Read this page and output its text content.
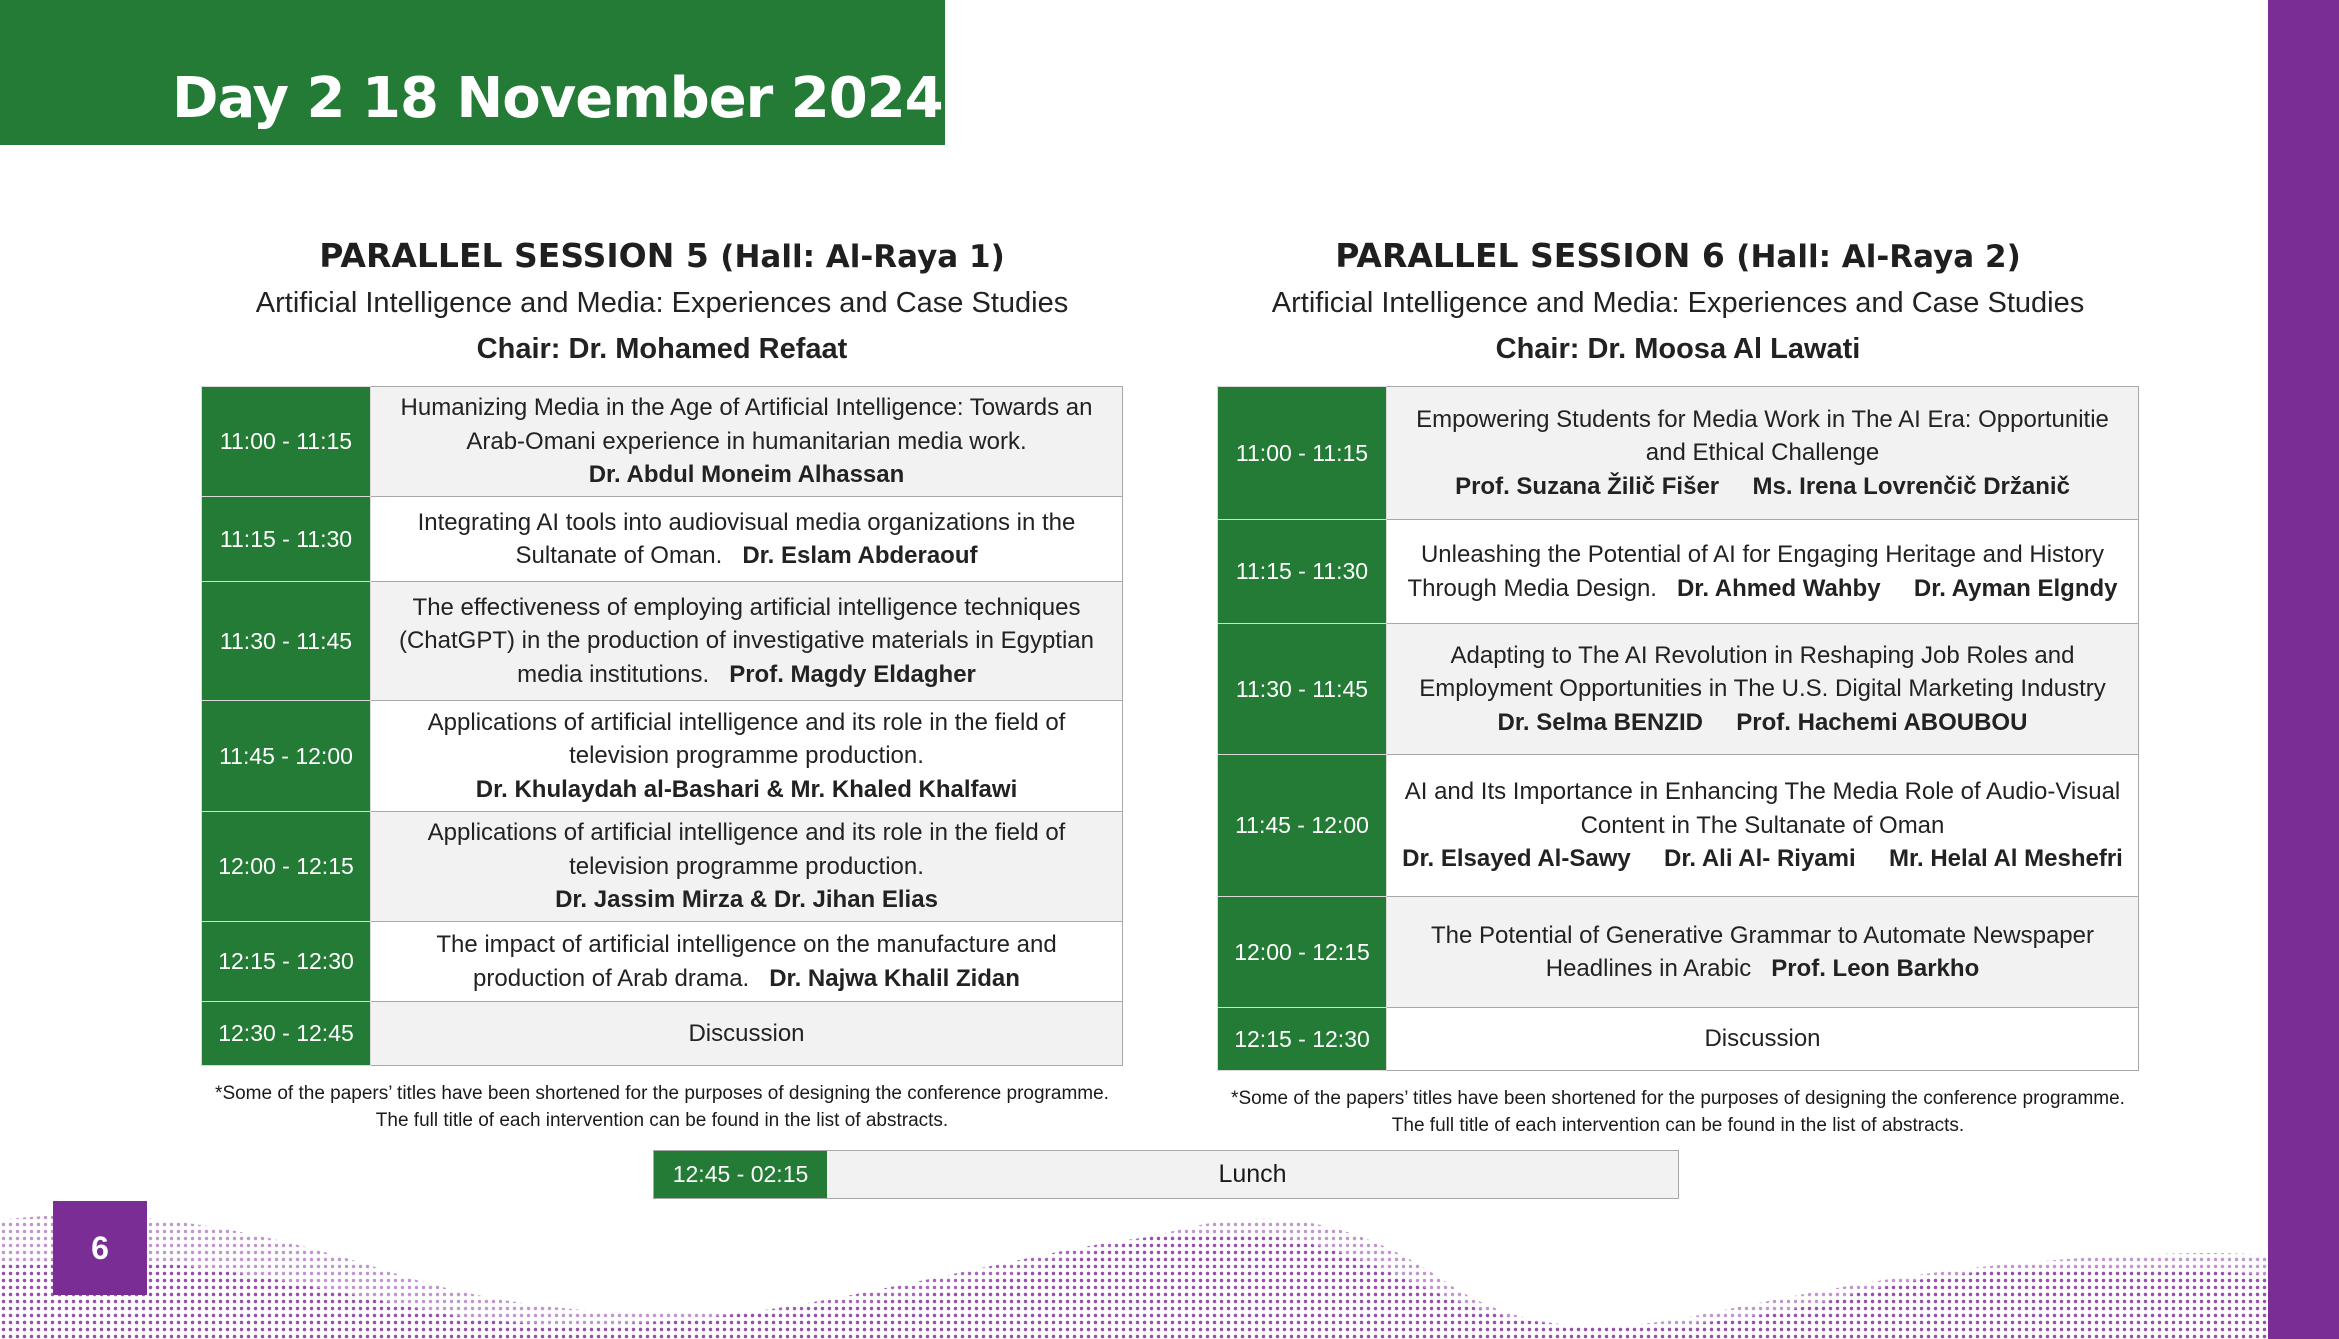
Day 2 18 November 2024
PARALLEL SESSION 5 (Hall: Al-Raya 1)
Artificial Intelligence and Media: Experiences and Case Studies
Chair: Dr. Mohamed Refaat
11:00 - 11:15	Humanizing Media in the Age of Artificial Intelligence: Towards an Arab-Omani experience in humanitarian media work.
Dr. Abdul Moneim Alhassan

11:15 - 11:30	Integrating AI tools into audiovisual media organizations in the Sultanate of Oman. Dr. Eslam Abderaouf
11:30 - 11:45	The effectiveness of employing artificial intelligence techniques (ChatGPT) in the production of investigative materials in Egyptian media institutions. Prof. Magdy Eldagher
11:45 - 12:00	Applications of artificial intelligence and its role in the field of television programme production.
Dr. Khulaydah al-Bashari & Mr. Khaled Khalfawi

12:00 - 12:15	Applications of artificial intelligence and its role in the field of television programme production.
Dr. Jassim Mirza & Dr. Jihan Elias

12:15 - 12:30	The impact of artificial intelligence on the manufacture and production of Arab drama. Dr. Najwa Khalil Zidan
12:30 - 12:45	Discussion
*Some of the papers’ titles have been shortened for the purposes of designing the conference programme.
The full title of each intervention can be found in the list of abstracts.
PARALLEL SESSION 6 (Hall: Al-Raya 2)
Artificial Intelligence and Media: Experiences and Case Studies
Chair: Dr. Moosa Al Lawati
11:00 - 11:15	Empowering Students for Media Work in The AI Era: Opportunitie and Ethical Challenge
Prof. Suzana Žilič Fišer     Ms. Irena Lovrenčič Držanič

11:15 - 11:30	Unleashing the Potential of AI for Engaging Heritage and History Through Media Design. Dr. Ahmed Wahby     Dr. Ayman Elgndy
11:30 - 11:45	Adapting to The AI Revolution in Reshaping Job Roles and Employment Opportunities in The U.S. Digital Marketing Industry
Dr. Selma BENZID     Prof. Hachemi ABOUBOU

11:45 - 12:00	AI and Its Importance in Enhancing The Media Role of Audio-Visual Content in The Sultanate of Oman
Dr. Elsayed Al-Sawy     Dr. Ali Al- Riyami     Mr. Helal Al Meshefri

12:00 - 12:15	The Potential of Generative Grammar to Automate Newspaper Headlines in Arabic Prof. Leon Barkho
12:15 - 12:30	Discussion
*Some of the papers’ titles have been shortened for the purposes of designing the conference programme.
The full title of each intervention can be found in the list of abstracts.
12:45 - 02:15	Lunch
6
